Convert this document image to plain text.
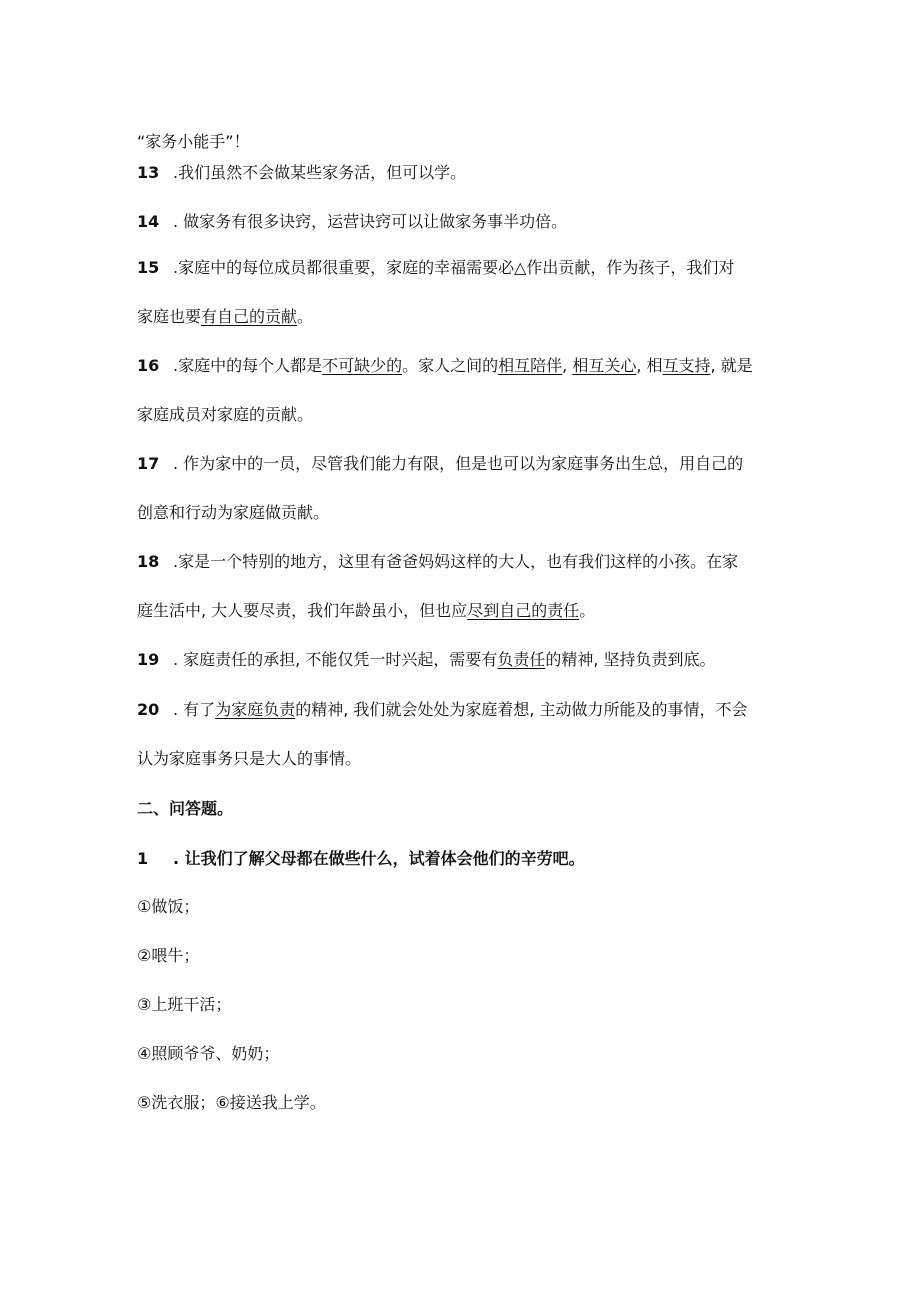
“家务小能手”！
13 .我们虽然不会做某些家务活，但可以学。
14 . 做家务有很多诀窍，运营诀窍可以让做家务事半功倍。
15 .家庭中的每位成员都很重要，家庭的幸福需要必△作出贡献，作为孩子，我们对
家庭也要有自己的贡献。
16 .家庭中的每个人都是不可缺少的。家人之间的相互陪伴, 相互关心, 相互支持, 就是
家庭成员对家庭的贡献。
17 . 作为家中的一员，尽管我们能力有限，但是也可以为家庭事务出生总，用自己的
创意和行动为家庭做贡献。
18 .家是一个特别的地方，这里有爸爸妈妈这样的大人，也有我们这样的小孩。在家
庭生活中, 大人要尽责，我们年龄虽小，但也应尽到自己的责任。
19 . 家庭责任的承担, 不能仅凭一时兴起，需要有负责任的精神, 坚持负责到底。
20 . 有了为家庭负责的精神, 我们就会处处为家庭着想, 主动做力所能及的事情，不会
认为家庭事务只是大人的事情。
二、问答题。
1 . 让我们了解父母都在做些什么，试着体会他们的辛劳吧。
①做饭；
②喂牛；
③上班干活；
④照顾爷爷、奶奶；
⑤洗衣服；⑥接送我上学。
